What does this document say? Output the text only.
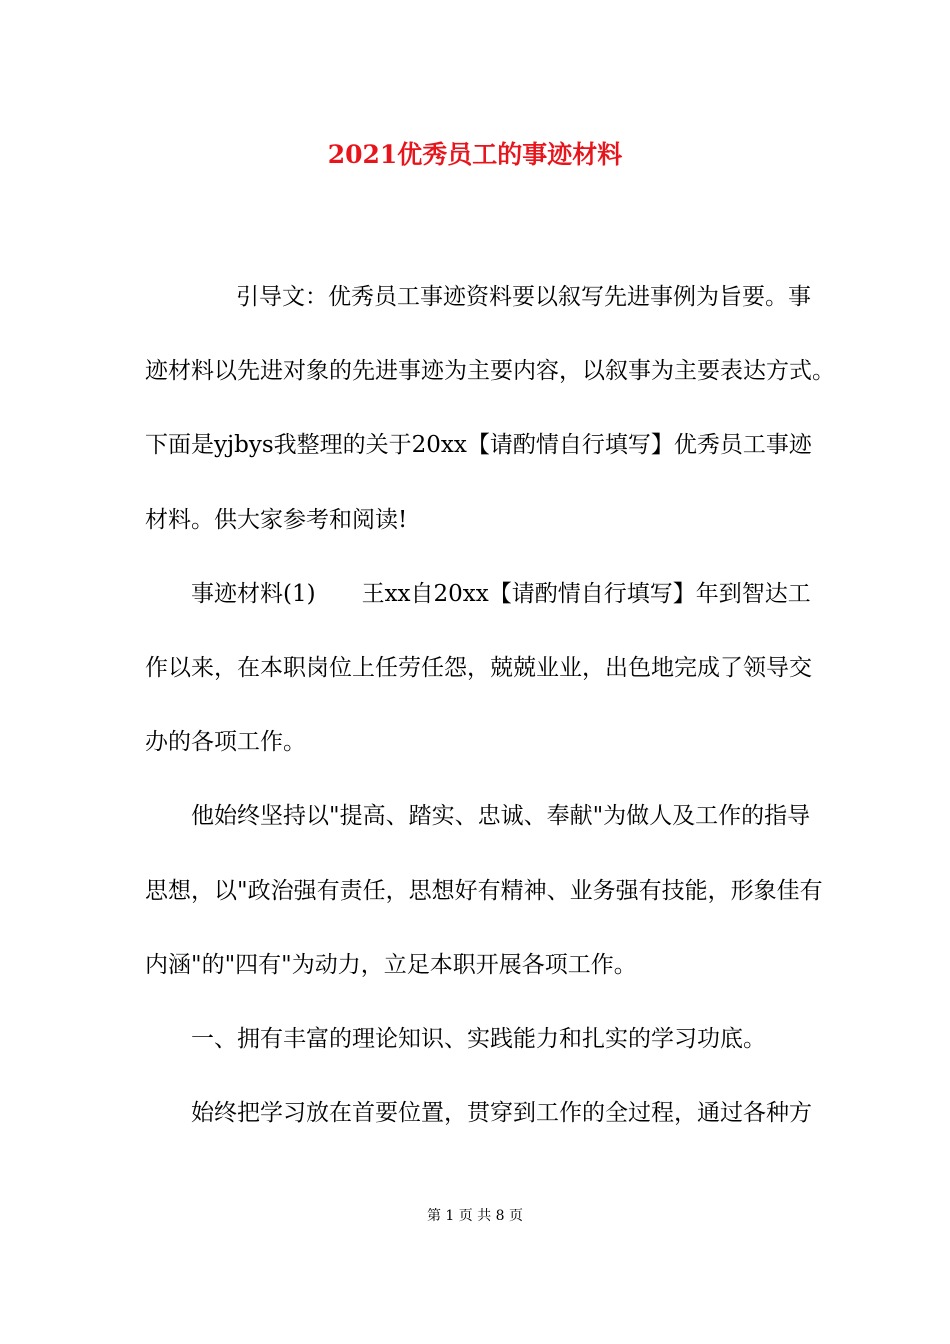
2021优秀员工的事迹材料

引导文：优秀员工事迹资料要以叙写先进事例为旨要。事

迹材料以先进对象的先进事迹为主要内容，以叙事为主要表达方式。

下面是yjbys我整理的关于20xx【请酌情自行填写】优秀员工事迹

材料。供大家参考和阅读!

事迹材料(1)　　王xx自20xx【请酌情自行填写】年到智达工

作以来，在本职岗位上任劳任怨，兢兢业业，出色地完成了领导交

办的各项工作。

他始终坚持以"提高、踏实、忠诚、奉献"为做人及工作的指导

思想，以"政治强有责任，思想好有精神、业务强有技能，形象佳有

内涵"的"四有"为动力，立足本职开展各项工作。

一、拥有丰富的理论知识、实践能力和扎实的学习功底。

始终把学习放在首要位置，贯穿到工作的全过程，通过各种方

第 1 页 共 8 页
